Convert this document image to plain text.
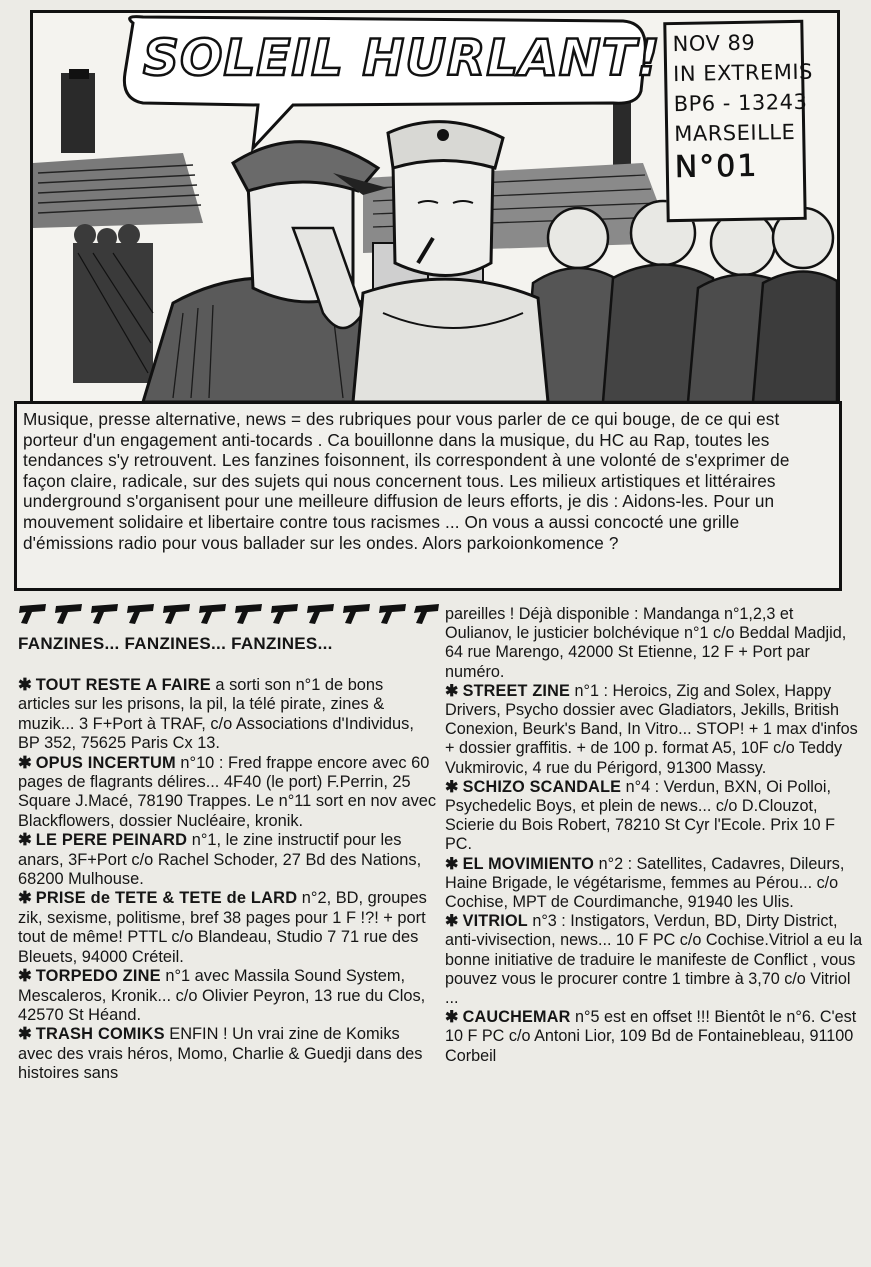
SOLEIL HURLANT! NOV 89
IN EXTREMIS
BP6 - 13243
MARSEILLE
N°01
Musique, presse alternative, news = des rubriques pour vous parler de ce qui bouge, de ce qui est porteur d'un engagement anti-tocards . Ca bouillonne dans la musique, du HC au Rap, toutes les tendances s'y retrouvent. Les fanzines foisonnent, ils correspondent à une volonté de s'exprimer de façon claire, radicale, sur des sujets qui nous concernent tous. Les milieux artistiques et littéraires underground s'organisent pour une meilleure diffusion de leurs efforts, je dis : Aidons-les. Pour un mouvement solidaire et libertaire contre tous racismes ... On vous a aussi concocté une grille d'émissions radio pour vous ballader sur les ondes. Alors parkoionkomence ?
FANZINES... FANZINES... FANZINES...
✱ TOUT RESTE A FAIRE a sorti son n°1 de bons articles sur les prisons, la pil, la télé pirate, zines & muzik... 3 F+Port à TRAF, c/o Associations d'Individus, BP 352, 75625 Paris Cx 13.
✱ OPUS INCERTUM n°10 : Fred frappe encore avec 60 pages de flagrants délires... 4F40 (le port) F.Perrin, 25 Square J.Macé, 78190 Trappes. Le n°11 sort en nov avec Blackflowers, dossier Nucléaire, kronik.
✱ LE PERE PEINARD n°1, le zine instructif pour les anars, 3F+Port c/o Rachel Schoder, 27 Bd des Nations, 68200 Mulhouse.
✱ PRISE de TETE & TETE de LARD n°2, BD, groupes zik, sexisme, politisme, bref 38 pages pour 1 F !?! + port tout de même! PTTL c/o Blandeau, Studio 7 71 rue des Bleuets, 94000 Créteil.
✱ TORPEDO ZINE n°1 avec Massila Sound System, Mescaleros, Kronik... c/o Olivier Peyron, 13 rue du Clos, 42570 St Héand.
✱ TRASH COMIKS ENFIN ! Un vrai zine de Komiks avec des vrais héros, Momo, Charlie & Guedji dans des histoires sans
pareilles ! Déjà disponible : Mandanga n°1,2,3 et Oulianov, le justicier bolchévique n°1 c/o Beddal Madjid, 64 rue Marengo, 42000 St Etienne, 12 F + Port par numéro.
✱ STREET ZINE n°1 : Heroics, Zig and Solex, Happy Drivers, Psycho dossier avec Gladiators, Jekills, British Conexion, Beurk's Band, In Vitro... STOP! + 1 max d'infos + dossier graffitis. + de 100 p. format A5, 10F c/o Teddy Vukmirovic, 4 rue du Périgord, 91300 Massy.
✱ SCHIZO SCANDALE n°4 : Verdun, BXN, Oi Polloi, Psychedelic Boys, et plein de news... c/o D.Clouzot, Scierie du Bois Robert, 78210 St Cyr l'Ecole. Prix 10 F PC.
✱ EL MOVIMIENTO n°2 : Satellites, Cadavres, Dileurs, Haine Brigade, le végétarisme, femmes au Pérou... c/o Cochise, MPT de Courdimanche, 91940 les Ulis.
✱ VITRIOL n°3 : Instigators, Verdun, BD, Dirty District, anti-vivisection, news... 10 F PC c/o Cochise.Vitriol a eu la bonne initiative de traduire le manifeste de Conflict , vous pouvez vous le procurer contre 1 timbre à 3,70 c/o Vitriol ...
✱ CAUCHEMAR n°5 est en offset !!! Bientôt le n°6. C'est 10 F PC c/o Antoni Lior, 109 Bd de Fontainebleau, 91100 Corbeil
